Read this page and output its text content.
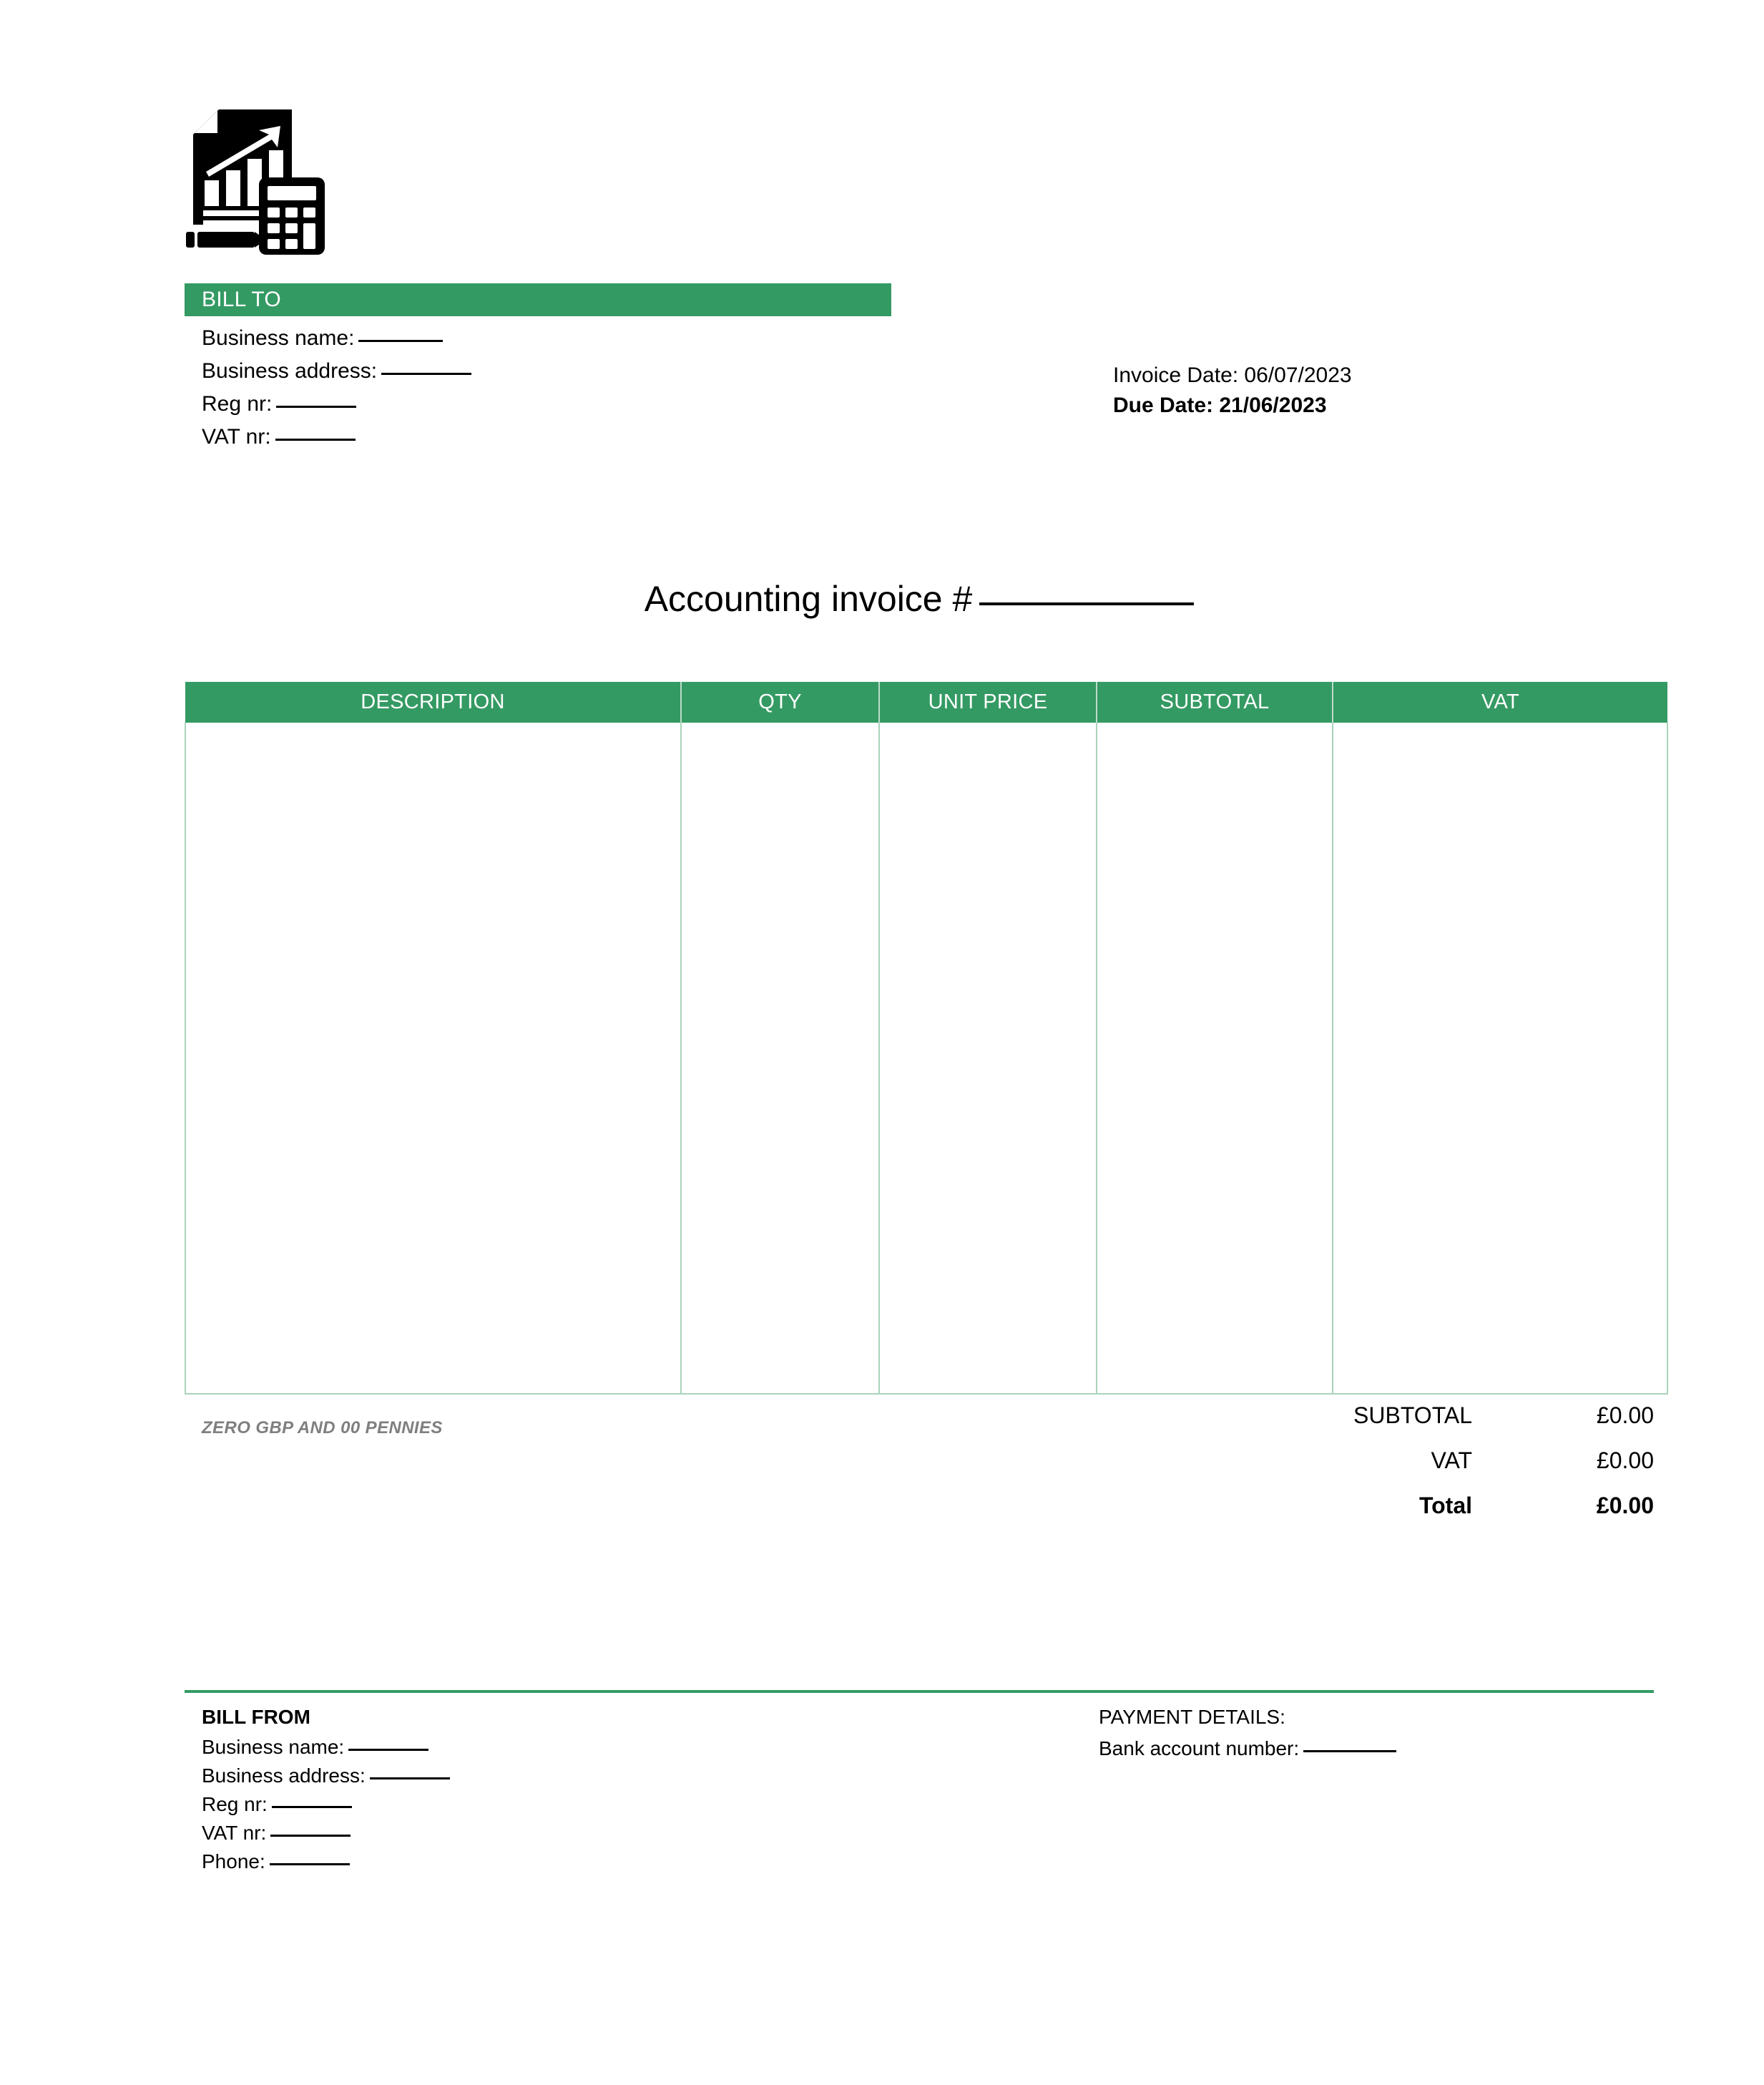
BILL TO
Business name:
Business address:
Reg nr:
VAT nr:
Invoice Date: 06/07/2023
Due Date: 21/06/2023
Accounting invoice #
DESCRIPTION	QTY	UNIT PRICE	SUBTOTAL	VAT

ZERO GBP AND 00 PENNIES	SUBTOTAL	£0.00
VAT	£0.00
Total	£0.00
BILL FROM
Business name:
Business address:
Reg nr:
VAT nr:
Phone:
PAYMENT DETAILS:
Bank account number:
